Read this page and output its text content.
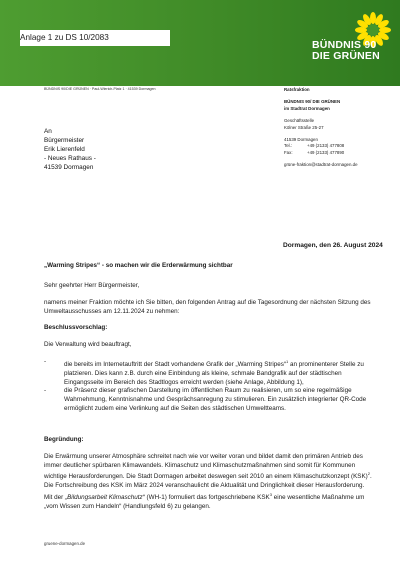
Anlage 1 zu DS 10/2083
BÜNDNIS 90
DIE GRÜNEN
BÜNDNIS 90/DIE GRÜNEN · Paul-Wierich-Platz 1 · 41539 Dormagen
An
Bürgermeister
Erik Lierenfeld
- Neues Rathaus -
41539 Dormagen
Ratsfraktion
BÜNDNIS 90/ DIE GRÜNEN
im Stadtrat Dormagen
Geschäftsstelle
Kölner Straße 25-27
41539 Dormagen
Tel.:	+49 (2133) 477808
Fax:	+49 (2133) 477890
grüne-fraktion@stadtrat-dormagen.de
Dormagen, den 26. August 2024
„Warming Stripes“ - so machen wir die Erderwärmung sichtbar
Sehr geehrter Herr Bürgermeister,
namens meiner Fraktion möchte ich Sie bitten, den folgenden Antrag auf die Tagesordnung der nächsten Sitzung des Umweltausschusses am 12.11.2024 zu nehmen:
Beschlussvorschlag:
Die Verwaltung wird beauftragt,
-	die bereits im Internetauftritt der Stadt vorhandene Grafik der „Warming Stripes“$^1$ an prominenterer Stelle zu platzieren. Dies kann z.B. durch eine Einbindung als kleine, schmale Bandgrafik auf der städtischen Eingangsseite im Bereich des Stadtlogos erreicht werden (siehe Anlage, Abbildung 1),
-	die Präsenz dieser grafischen Darstellung im öffentlichen Raum zu realisieren, um so eine regelmäßige Wahrnehmung, Kenntnisnahme und Gesprächsanregung zu stimulieren. Ein zusätzlich integrierter QR-Code ermöglicht zudem eine Verlinkung auf die Seiten des städtischen Umweltteams.
Begründung:
Die Erwärmung unserer Atmosphäre schreitet nach wie vor weiter voran und bildet damit den primären Antrieb des immer deutlicher spürbaren Klimawandels. Klimaschutz und Klimaschutzmaßnahmen sind somit für Kommunen wichtige Herausforderungen. Die Stadt Dormagen arbeitet deswegen seit 2010 an einem Klimaschutzkonzept (KSK)$^2$. Die Fortschreibung des KSK im März 2024 veranschaulicht die Aktualität und Dringlichkeit dieser Herausforderung. Mit der „Bildungsarbeit Klimaschutz“ (WH-1) formuliert das fortgeschriebene KSK$^3$ eine wesentliche Maßnahme um „vom Wissen zum Handeln“ (Handlungsfeld 6) zu gelangen.
gruene-dormagen.de
